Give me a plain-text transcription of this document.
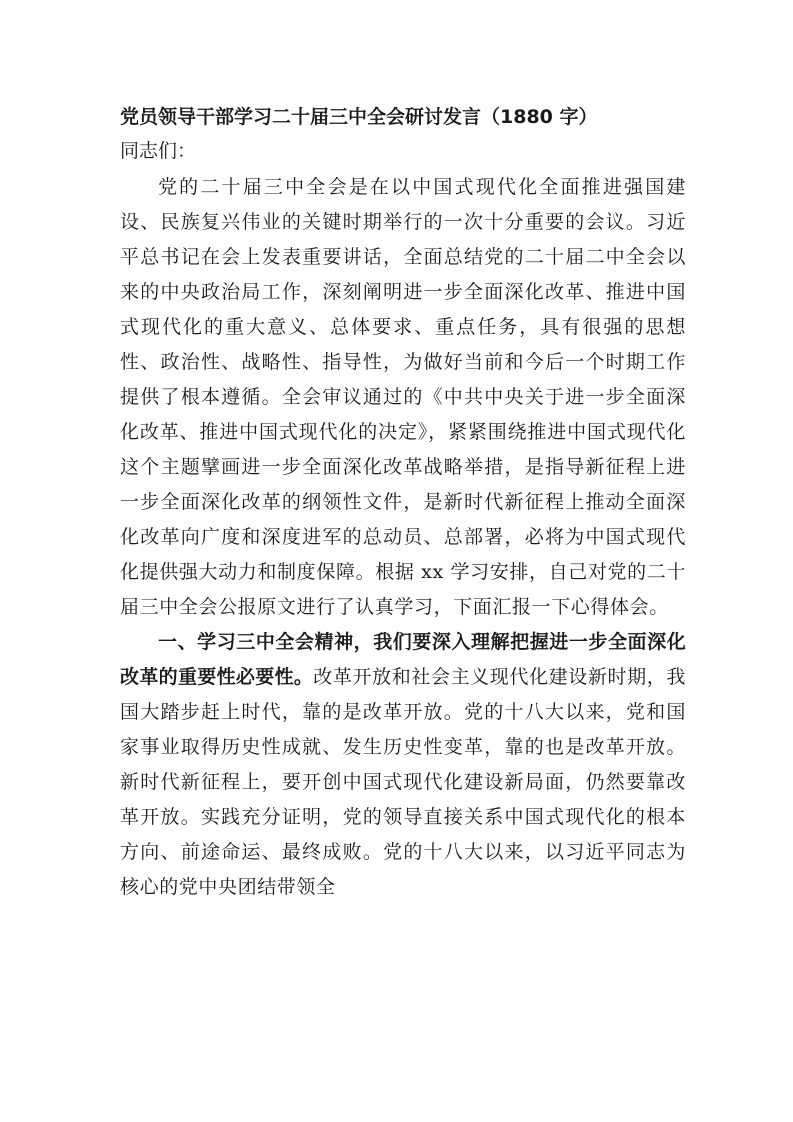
党员领导干部学习二十届三中全会研讨发言（1880 字）

同志们：

党的二十届三中全会是在以中国式现代化全面推进强国建设、民族复兴伟业的关键时期举行的一次十分重要的会议。习近平总书记在会上发表重要讲话，全面总结党的二十届二中全会以来的中央政治局工作，深刻阐明进一步全面深化改革、推进中国式现代化的重大意义、总体要求、重点任务，具有很强的思想性、政治性、战略性、指导性，为做好当前和今后一个时期工作提供了根本遵循。全会审议通过的《中共中央关于进一步全面深化改革、推进中国式现代化的决定》，紧紧围绕推进中国式现代化这个主题擘画进一步全面深化改革战略举措，是指导新征程上进一步全面深化改革的纲领性文件，是新时代新征程上推动全面深化改革向广度和深度进军的总动员、总部署，必将为中国式现代化提供强大动力和制度保障。根据 xx 学习安排，自己对党的二十届三中全会公报原文进行了认真学习，下面汇报一下心得体会。

一、学习三中全会精神，我们要深入理解把握进一步全面深化改革的重要性必要性。改革开放和社会主义现代化建设新时期，我国大踏步赶上时代，靠的是改革开放。党的十八大以来，党和国家事业取得历史性成就、发生历史性变革，靠的也是改革开放。新时代新征程上，要开创中国式现代化建设新局面，仍然要靠改革开放。实践充分证明，党的领导直接关系中国式现代化的根本方向、前途命运、最终成败。党的十八大以来，以习近平同志为核心的党中央团结带领全
